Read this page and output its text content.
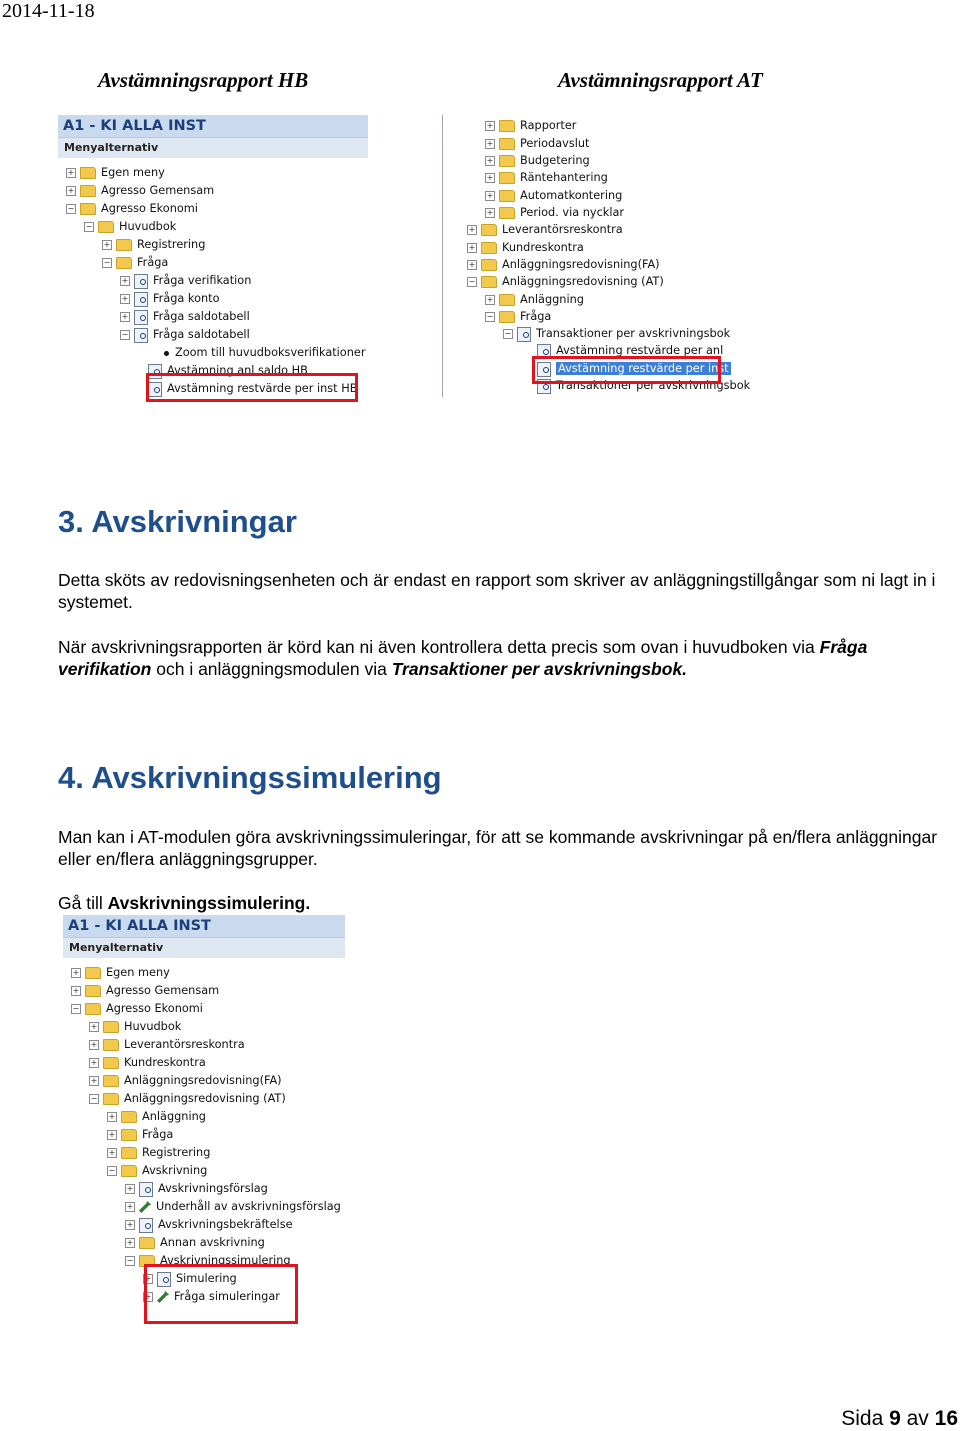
2014-11-18
Avstämningsrapport HB	Avstämningsrapport AT
A1 - KI ALLA INST
Menyalternativ
+ Egen meny
+ Agresso Gemensam
− Agresso Ekonomi
− Huvudbok
+ Registrering
− Fråga
+ Fråga verifikation
+ Fråga konto
+ Fråga saldotabell
− Fråga saldotabell
Zoom till huvudboksverifikationer
Avstämning anl saldo HB
Avstämning restvärde per inst HB
+ Rapporter
+ Periodavslut
+ Budgetering
+ Räntehantering
+ Automatkontering
+ Period. via nycklar
+ Leverantörsreskontra
+ Kundreskontra
+ Anläggningsredovisning(FA)
− Anläggningsredovisning (AT)
+ Anläggning
− Fråga
− Transaktioner per avskrivningsbok
Avstämning restvärde per anl
Avstämning restvärde per inst
Transaktioner per avskrivningsbok
3. Avskrivningar
Detta sköts av redovisningsenheten och är endast en rapport som skriver av anläggningstillgångar som ni lagt in i systemet.
När avskrivningsrapporten är körd kan ni även kontrollera detta precis som ovan i huvudboken via Fråga verifikation och i anläggningsmodulen via Transaktioner per avskrivningsbok.
4. Avskrivningssimulering
Man kan i AT-modulen göra avskrivningssimuleringar, för att se kommande avskrivningar på en/flera anläggningar eller en/flera anläggningsgrupper.
Gå till Avskrivningssimulering.
A1 - KI ALLA INST
Menyalternativ
+ Egen meny
+ Agresso Gemensam
− Agresso Ekonomi
+ Huvudbok
+ Leverantörsreskontra
+ Kundreskontra
+ Anläggningsredovisning(FA)
− Anläggningsredovisning (AT)
+ Anläggning
+ Fråga
+ Registrering
− Avskrivning
+ Avskrivningsförslag
+ Underhåll av avskrivningsförslag
+ Avskrivningsbekräftelse
+ Annan avskrivning
− Avskrivningssimulering
+ Simulering
+ Fråga simuleringar
Sida 9 av 16
